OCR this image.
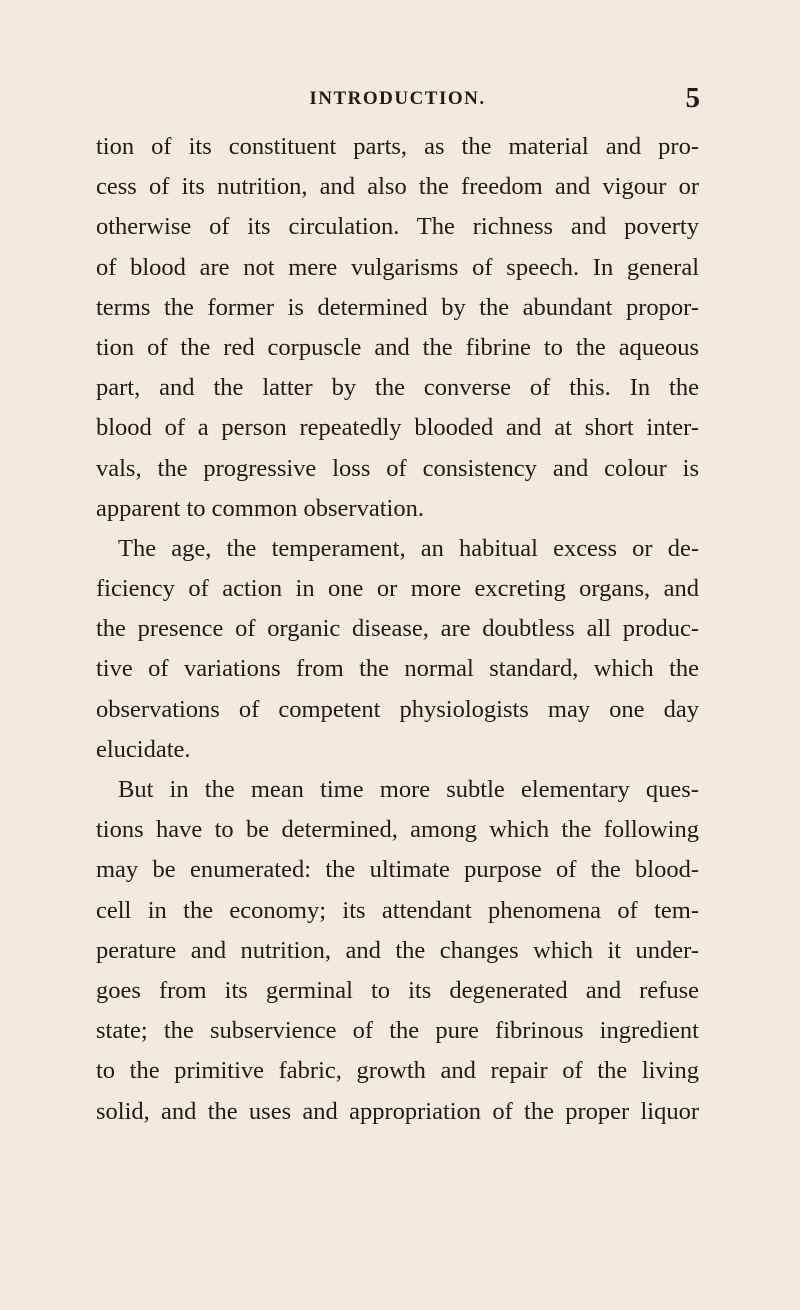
INTRODUCTION.	5
tion of its constituent parts, as the material and pro-
cess of its nutrition, and also the freedom and vigour or
otherwise of its circulation. The richness and poverty
of blood are not mere vulgarisms of speech. In general
terms the former is determined by the abundant propor-
tion of the red corpuscle and the fibrine to the aqueous
part, and the latter by the converse of this. In the
blood of a person repeatedly blooded and at short inter-
vals, the progressive loss of consistency and colour is
apparent to common observation.
The age, the temperament, an habitual excess or de-
ficiency of action in one or more excreting organs, and
the presence of organic disease, are doubtless all produc-
tive of variations from the normal standard, which the
observations of competent physiologists may one day
elucidate.
But in the mean time more subtle elementary ques-
tions have to be determined, among which the following
may be enumerated: the ultimate purpose of the blood-
cell in the economy; its attendant phenomena of tem-
perature and nutrition, and the changes which it under-
goes from its germinal to its degenerated and refuse
state; the subservience of the pure fibrinous ingredient
to the primitive fabric, growth and repair of the living
solid, and the uses and appropriation of the proper liquor
